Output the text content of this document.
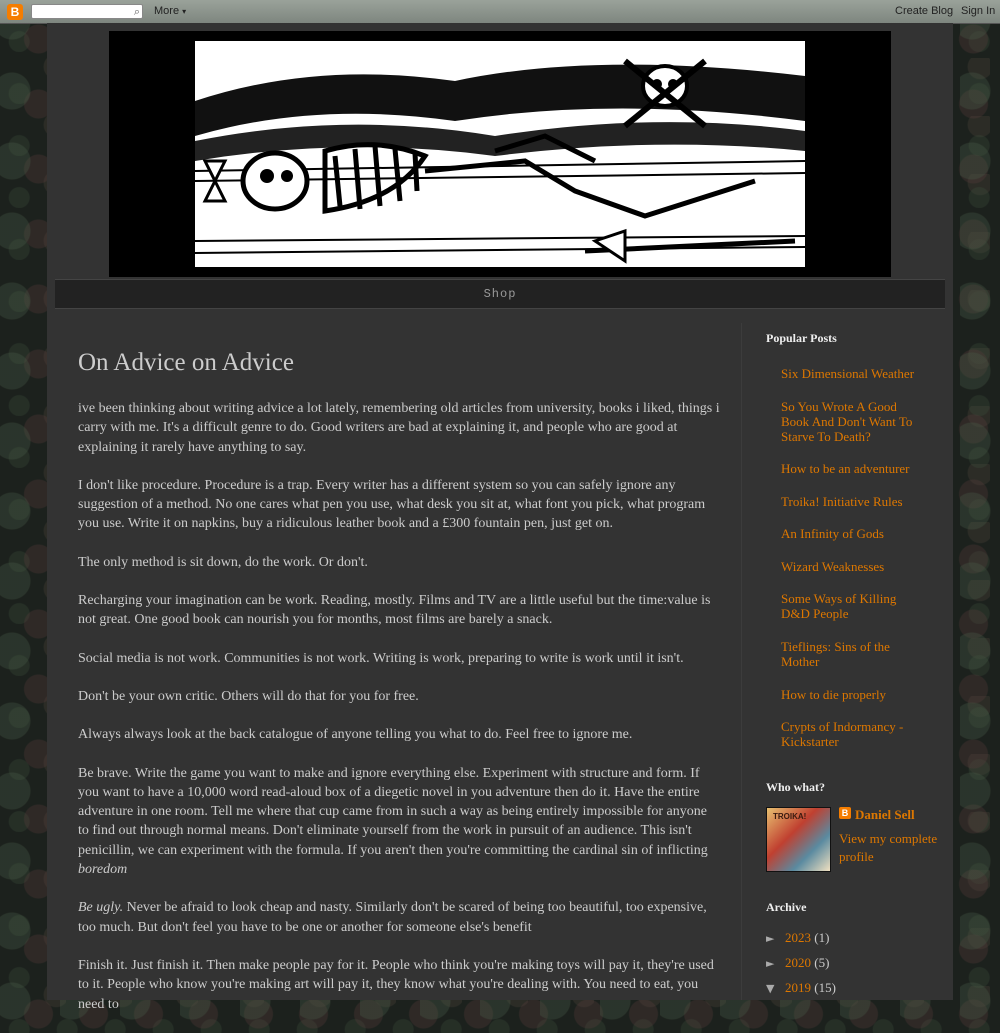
B	⌕ More ▾	Create Blog Sign In
Shop
On Advice on Advice

ive been thinking about writing advice a lot lately, remembering old articles from university, books i liked, things i carry with me. It's a difficult genre to do. Good writers are bad at explaining it, and people who are good at explaining it rarely have anything to say.

I don't like procedure. Procedure is a trap. Every writer has a different system so you can safely ignore any suggestion of a method. No one cares what pen you use, what desk you sit at, what font you pick, what program you use. Write it on napkins, buy a ridiculous leather book and a £300 fountain pen, just get on.

The only method is sit down, do the work. Or don't.

Recharging your imagination can be work. Reading, mostly. Films and TV are a little useful but the time:value is not great. One good book can nourish you for months, most films are barely a snack.

Social media is not work. Communities is not work. Writing is work, preparing to write is work until it isn't.

Don't be your own critic. Others will do that for you for free.

Always always look at the back catalogue of anyone telling you what to do. Feel free to ignore me.

Be brave. Write the game you want to make and ignore everything else. Experiment with structure and form. If you want to have a 10,000 word read-aloud box of a diegetic novel in you adventure then do it. Have the entire adventure in one room. Tell me where that cup came from in such a way as being entirely impossible for anyone to find out through normal means. Don't eliminate yourself from the work in pursuit of an audience. This isn't penicillin, we can experiment with the formula. If you aren't then you're committing the cardinal sin of inflicting boredom

Be ugly. Never be afraid to look cheap and nasty. Similarly don't be scared of being too beautiful, too expensive, too much. But don't feel you have to be one or another for someone else's benefit

Finish it. Just finish it. Then make people pay for it. People who think you're making toys will pay it, they're used to it. People who know you're making art will pay it, they know what you're dealing with. You need to eat, you need to

Popular Posts
Six Dimensional Weather
So You Wrote A Good Book And Don't Want To Starve To Death?
How to be an adventurer
Troika! Initiative Rules
An Infinity of Gods
Wizard Weaknesses
Some Ways of Killing D&D People
Tieflings: Sins of the Mother
How to die properly
Crypts of Indormancy - Kickstarter
Who what?
TROIKA!	B Daniel Sell
View my complete profile
Archive
► 2023 (1)
► 2020 (5)
▼ 2019 (15)
